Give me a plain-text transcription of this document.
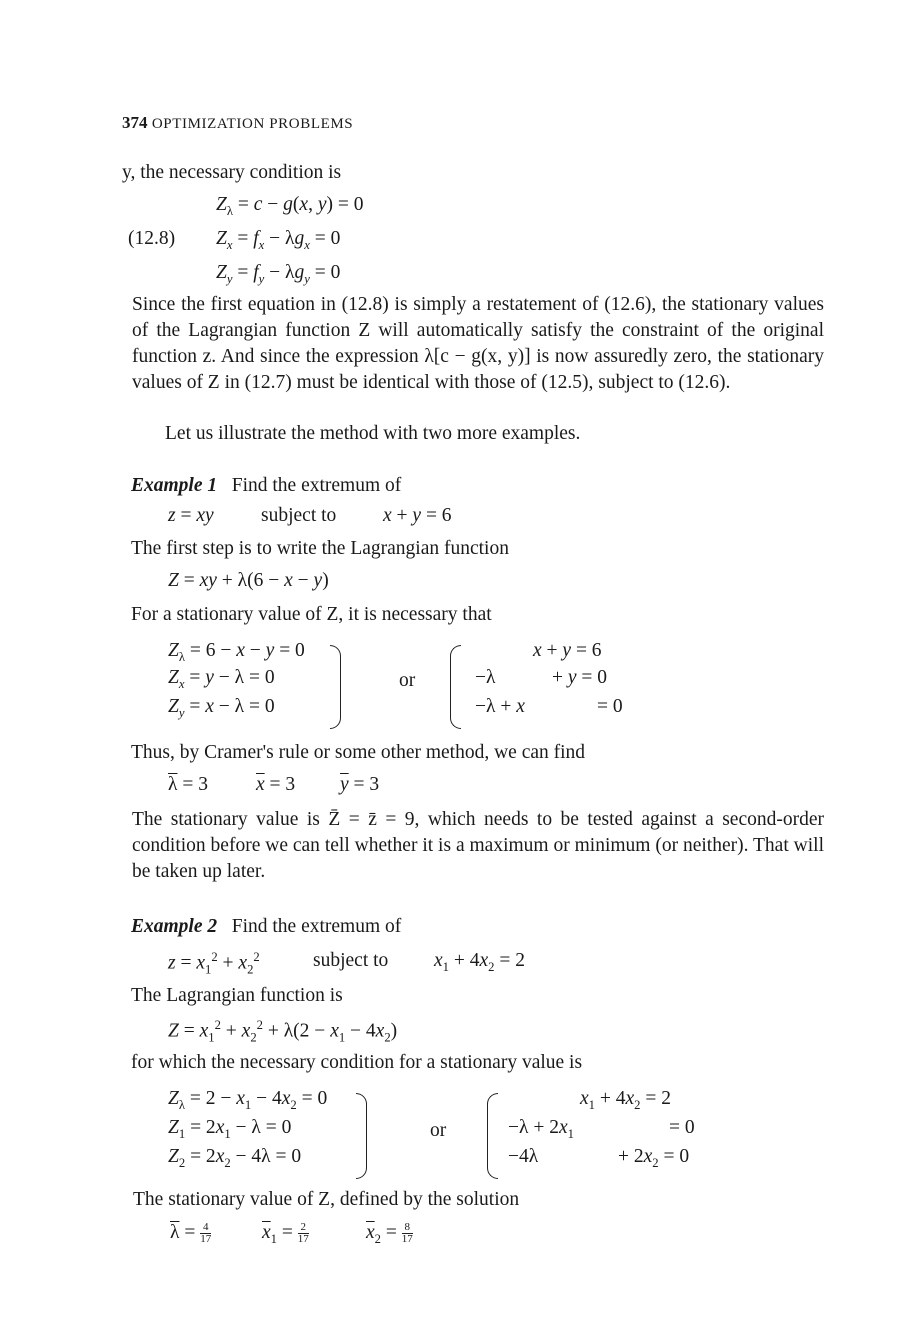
374 OPTIMIZATION PROBLEMS
y, the necessary condition is
(12.8)
$Z_\lambda = c - g(x$, y) = 0
$Z_x = f_x - \lambda g_x = 0$
$Z_y = f_y - \lambda g_y = 0$
Since the first equation in (12.8) is simply a restatement of (12.6), the stationary values of the Lagrangian function Z will automatically satisfy the constraint of the original function z. And since the expression λ[c − g(x, y)] is now assuredly zero, the stationary values of Z in (12.7) must be identical with those of (12.5), subject to (12.6).
Let us illustrate the method with two more examples.
Example 1 Find the extremum of
z = xy subject to x + y = 6
The first step is to write the Lagrangian function
Z = xy + λ(6 − x − y)
For a stationary value of Z, it is necessary that
$Z_\lambda = 6 - x - y = 0$
$Z_x = y - \lambda = 0$
$Z_y = x - \lambda = 0$
or
x + y = 6
−λ	+ y = 0
−λ + x	= 0
Thus, by Cramer's rule or some other method, we can find
$\overline{\lambda} = 3$ $\overline{x} = 3$ $\overline{y} = 3$
The stationary value is Z̄ = z̄ = 9, which needs to be tested against a second-order condition before we can tell whether it is a maximum or minimum (or neither). That will be taken up later.
Example 2 Find the extremum of
$z = x_1^2 + x_2^2$	subject to $x_1 + 4x_2 = 2$
The Lagrangian function is
$Z = x_1^2 + x_2^2 + \lambda(2 - x_1 - 4x_2)$
for which the necessary condition for a stationary value is
$Z_\lambda = 2 - x_1 - 4x_2 = 0$
$Z_1 = 2x_1 - \lambda = 0$
$Z_2 = 2x_2 - 4\lambda = 0$
or
$x_1 + 4x_2 = 2$
$-\lambda + 2x_1$	= 0
−4λ	+ $2x_2 = 0$
The stationary value of Z, defined by the solution
$\overline{\lambda} = \frac{4}{17}$	$\overline{x}_1 = \frac{2}{17}$	$\overline{x}_2 = \frac{8}{17}$
